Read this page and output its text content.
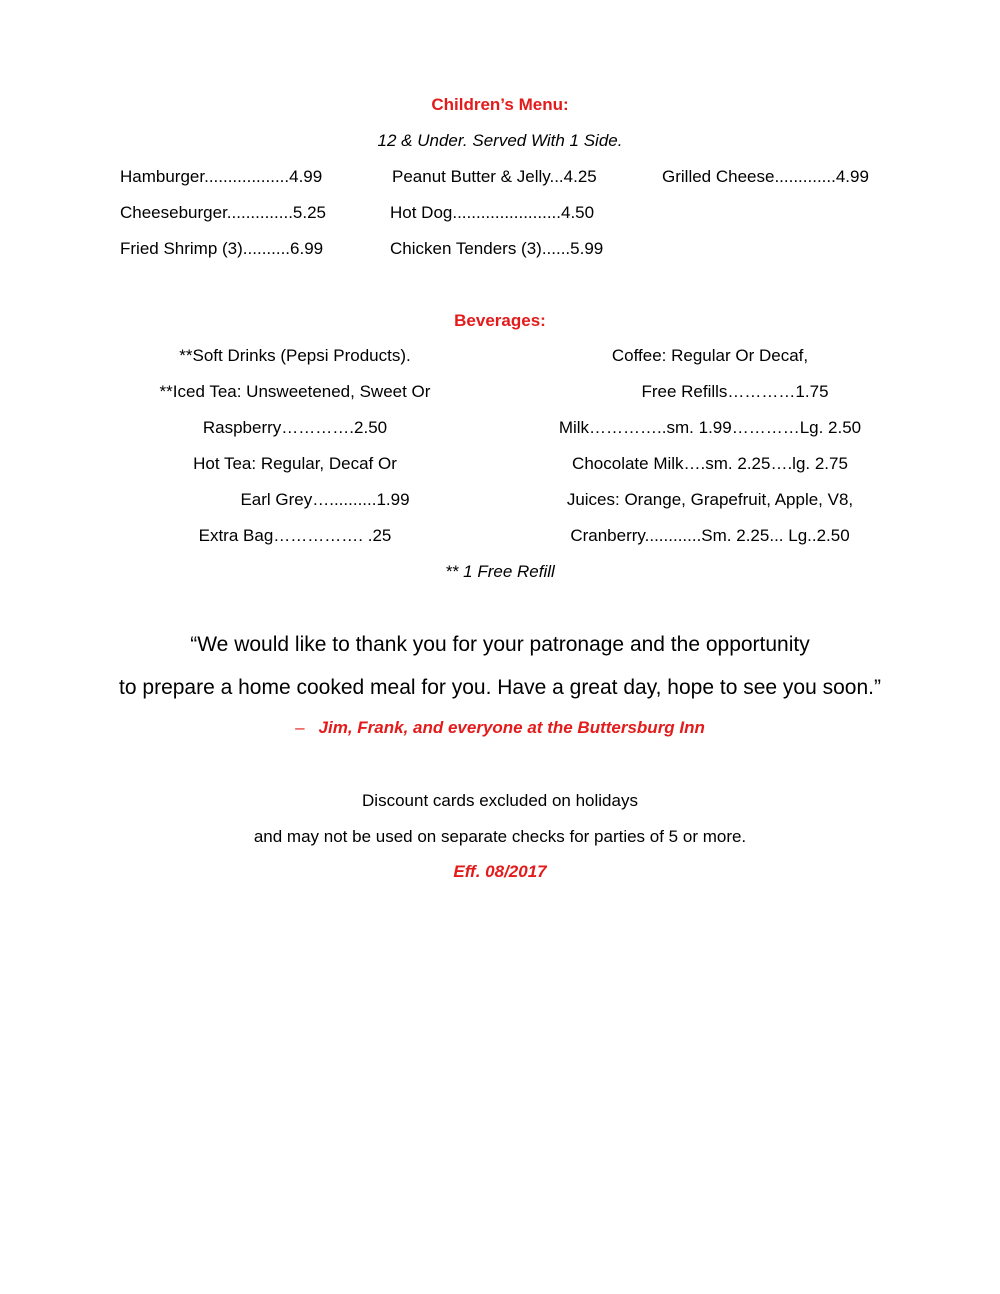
Children’s Menu:
12 & Under. Served With 1 Side.
Hamburger..................4.99	Peanut Butter & Jelly...4.25	Grilled Cheese.............4.99
Cheeseburger..............5.25	Hot Dog.......................4.50
Fried Shrimp (3)..........6.99	Chicken Tenders (3)......5.99
Beverages:
**Soft Drinks (Pepsi Products).
**Iced Tea: Unsweetened, Sweet Or
Raspberry………….2.50
Hot Tea: Regular, Decaf Or
Earl Grey…..........1.99
Extra Bag……………. .25
Coffee: Regular Or Decaf,
Free Refills…………1.75
Milk…………..sm. 1.99…………Lg. 2.50
Chocolate Milk….sm. 2.25….lg. 2.75
Juices: Orange, Grapefruit, Apple, V8,
Cranberry............Sm. 2.25... Lg..2.50
** 1 Free Refill
“We would like to thank you for your patronage and the opportunity
to prepare a home cooked meal for you. Have a great day, hope to see you soon.”
– Jim, Frank, and everyone at the Buttersburg Inn
Discount cards excluded on holidays
and may not be used on separate checks for parties of 5 or more.
Eff. 08/2017
